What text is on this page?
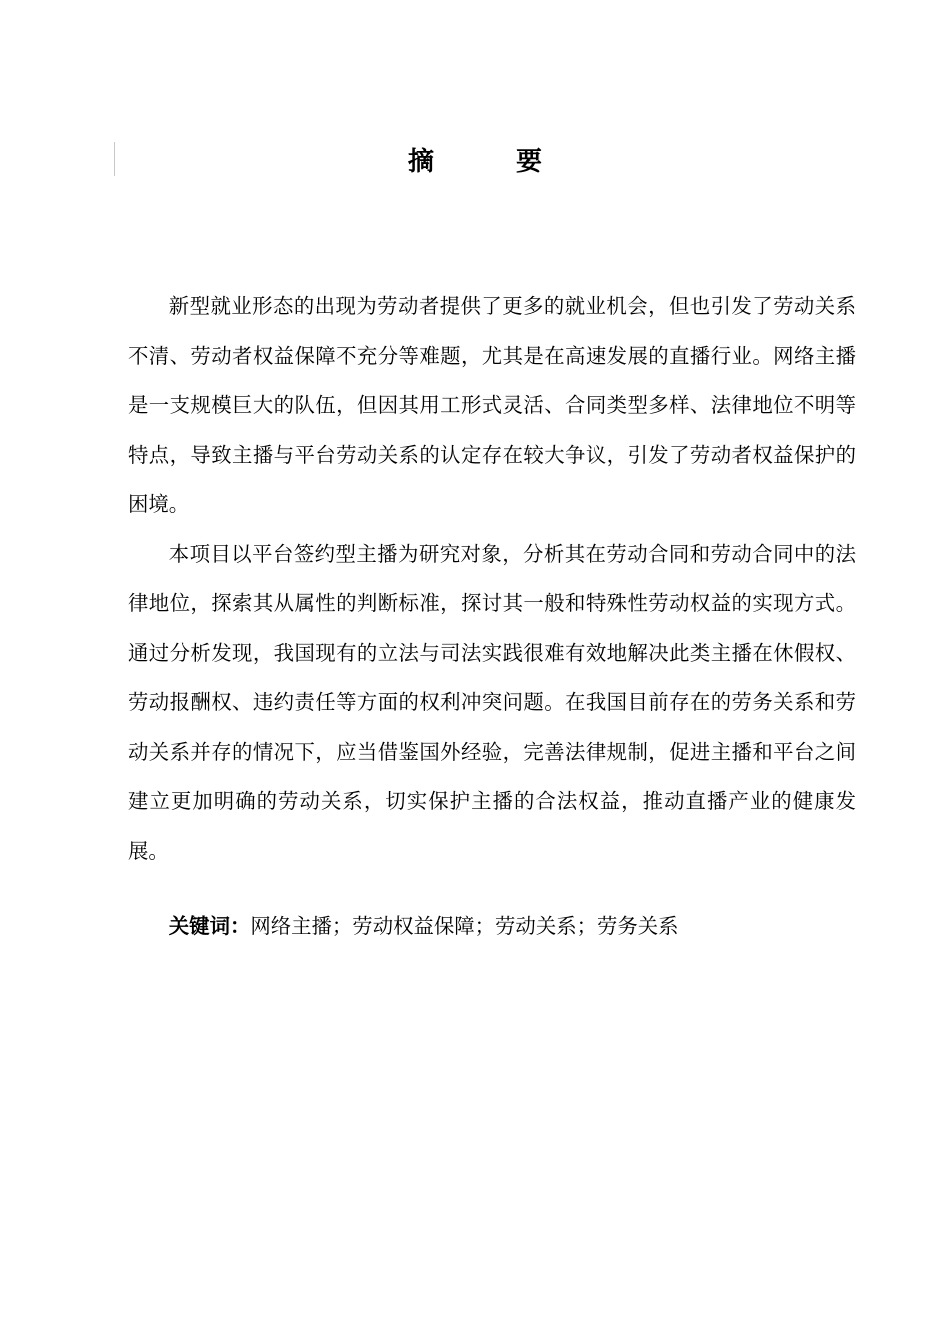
摘　要

新型就业形态的出现为劳动者提供了更多的就业机会，但也引发了劳动关系不清、劳动者权益保障不充分等难题，尤其是在高速发展的直播行业。网络主播是一支规模巨大的队伍，但因其用工形式灵活、合同类型多样、法律地位不明等特点，导致主播与平台劳动关系的认定存在较大争议，引发了劳动者权益保护的困境。

本项目以平台签约型主播为研究对象，分析其在劳动合同和劳动合同中的法律地位，探索其从属性的判断标准，探讨其一般和特殊性劳动权益的实现方式。通过分析发现，我国现有的立法与司法实践很难有效地解决此类主播在休假权、劳动报酬权、违约责任等方面的权利冲突问题。在我国目前存在的劳务关系和劳动关系并存的情况下，应当借鉴国外经验，完善法律规制，促进主播和平台之间建立更加明确的劳动关系，切实保护主播的合法权益，推动直播产业的健康发展。

关键词：网络主播；劳动权益保障；劳动关系；劳务关系
